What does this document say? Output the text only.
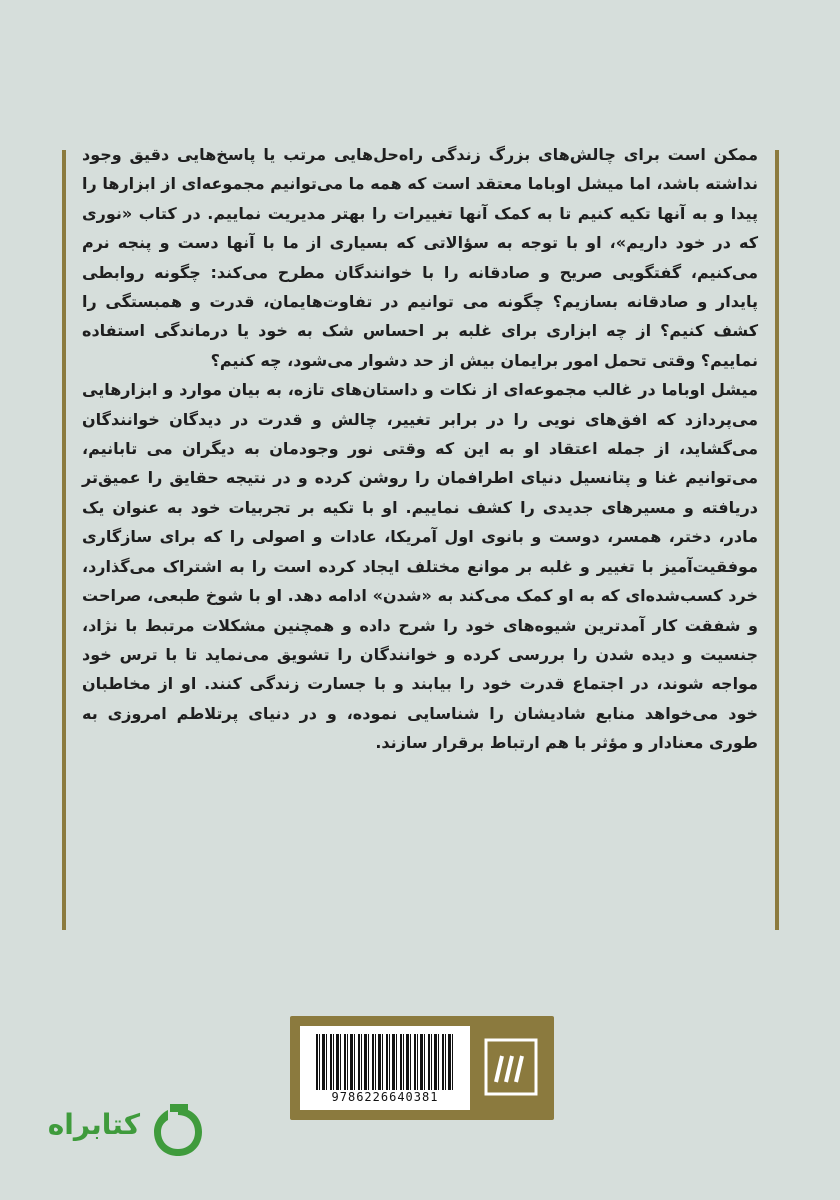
ممکن است برای چالش‌های بزرگ زندگی راه‌حل‌هایی مرتب یا پاسخ‌هایی دقیق وجود نداشته باشد، اما میشل اوباما معتقد است که همه ما می‌توانیم مجموعه‌ای از ابزارها را پیدا و به آنها تکیه کنیم تا به کمک آنها تغییرات را بهتر مدیریت نماییم. در کتاب «نوری که در خود داریم»، او با توجه به سؤالاتی که بسیاری از ما با آنها دست و پنجه نرم می‌کنیم، گفتگویی صریح و صادقانه را با خوانندگان مطرح می‌کند: چگونه روابطی پایدار و صادقانه بسازیم؟ چگونه می توانیم در تفاوت‌هایمان، قدرت و همبستگی را کشف کنیم؟ از چه ابزاری برای غلبه بر احساس شک به خود یا درماندگی استفاده نماییم؟ وقتی تحمل امور برایمان بیش از حد دشوار می‌شود، چه کنیم؟

میشل اوباما در غالب مجموعه‌ای از نکات و داستان‌های تازه، به بیان موارد و ابزارهایی می‌پردازد که افق‌های نویی را در برابر تغییر، چالش و قدرت در دیدگان خوانندگان می‌گشاید، از جمله اعتقاد او به این که وقتی نور وجودمان به دیگران می تابانیم، می‌توانیم غنا و پتانسیل دنیای اطرافمان را روشن کرده و در نتیجه حقایق را عمیق‌تر دریافته و مسیرهای جدیدی را کشف نماییم. او با تکیه بر تجربیات خود به عنوان یک مادر، دختر، همسر، دوست و بانوی اول آمریکا، عادات و اصولی را که برای سازگاری موفقیت‌آمیز با تغییر و غلبه بر موانع مختلف ایجاد کرده است را به اشتراک می‌گذارد، خرد کسب‌شده‌ای که به او کمک می‌کند به «شدن» ادامه دهد. او با شوخ طبعی، صراحت و شفقت کار آمدترین شیوه‌های خود را شرح داده و همچنین مشکلات مرتبط با نژاد، جنسیت و دیده شدن را بررسی کرده و خوانندگان را تشویق می‌نماید تا با ترس خود مواجه شوند، در اجتماع قدرت خود را بیابند و با جسارت زندگی کنند. او از مخاطبان خود می‌خواهد منابع شادیشان را شناسایی نموده، و در دنیای پرتلاطم امروزی به طوری معنادار و مؤثر با هم ارتباط برقرار سازند.

9786226640381
کتابراه
